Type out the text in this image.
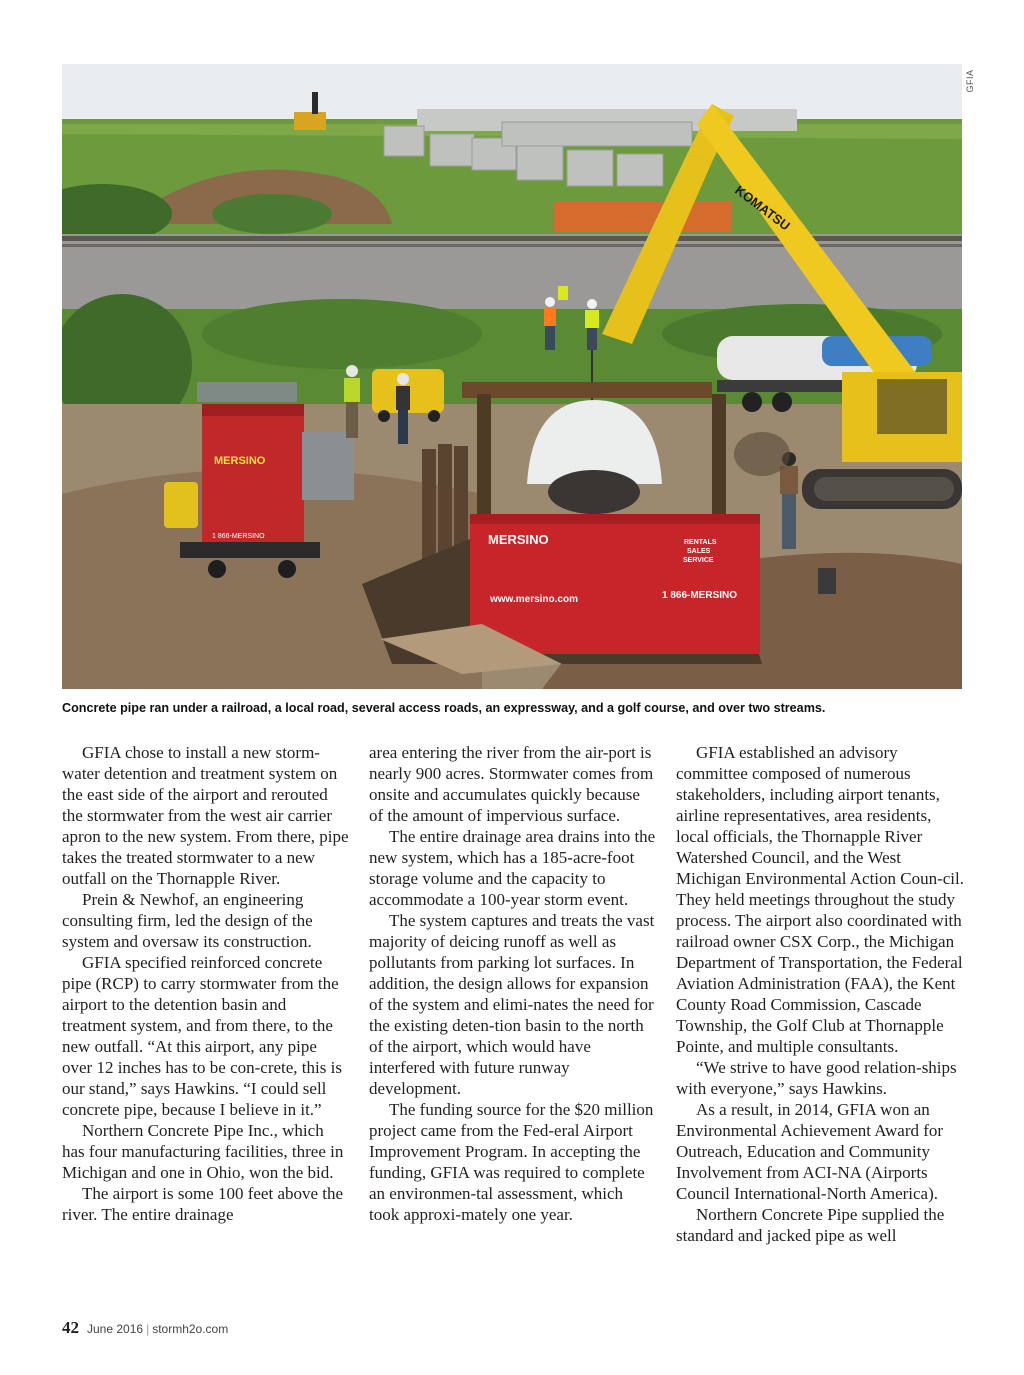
GFIA
KOMATSU
MERSINO
1 866-MERSINO	MERSINO	RENTALS
SALES
SERVICE
www.mersino.com	1 866-MERSINO
Concrete pipe ran under a railroad, a local road, several access roads, an expressway, and a golf course, and over two streams.

GFIA chose to install a new storm-water detention and treatment system on the east side of the airport and rerouted the stormwater from the west air carrier apron to the new system. From there, pipe takes the treated stormwater to a new outfall on the Thornapple River.

Prein & Newhof, an engineering consulting firm, led the design of the system and oversaw its construction.

GFIA specified reinforced concrete pipe (RCP) to carry stormwater from the airport to the detention basin and treatment system, and from there, to the new outfall. “At this airport, any pipe over 12 inches has to be con-crete, this is our stand,” says Hawkins. “I could sell concrete pipe, because I believe in it.”

Northern Concrete Pipe Inc., which has four manufacturing facilities, three in Michigan and one in Ohio, won the bid.

The airport is some 100 feet above the river. The entire drainage

area entering the river from the air-port is nearly 900 acres. Stormwater comes from onsite and accumulates quickly because of the amount of impervious surface.

The entire drainage area drains into the new system, which has a 185-acre-foot storage volume and the capacity to accommodate a 100-year storm event.

The system captures and treats the vast majority of deicing runoff as well as pollutants from parking lot surfaces. In addition, the design allows for expansion of the system and elimi-nates the need for the existing deten-tion basin to the north of the airport, which would have interfered with future runway development.

The funding source for the $20 million project came from the Fed-eral Airport Improvement Program. In accepting the funding, GFIA was required to complete an environmen-tal assessment, which took approxi-mately one year.

GFIA established an advisory committee composed of numerous stakeholders, including airport tenants, airline representatives, area residents, local officials, the Thornapple River Watershed Council, and the West Michigan Environmental Action Coun-cil. They held meetings throughout the study process. The airport also coordinated with railroad owner CSX Corp., the Michigan Department of Transportation, the Federal Aviation Administration (FAA), the Kent County Road Commission, Cascade Township, the Golf Club at Thornapple Pointe, and multiple consultants.

“We strive to have good relation-ships with everyone,” says Hawkins.

As a result, in 2014, GFIA won an Environmental Achievement Award for Outreach, Education and Community Involvement from ACI-NA (Airports Council International-North America).

Northern Concrete Pipe supplied the standard and jacked pipe as well

42 June 2016 | stormh2o.com
